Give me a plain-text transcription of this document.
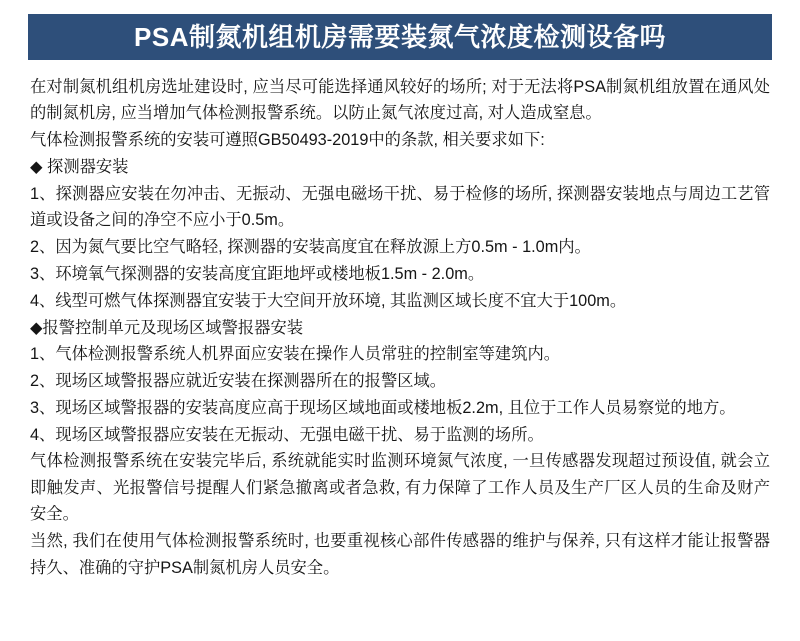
PSA制氮机组机房需要装氮气浓度检测设备吗

在对制氮机组机房选址建设时, 应当尽可能选择通风较好的场所; 对于无法将PSA制氮机组放置在通风处的制氮机房, 应当增加气体检测报警系统。以防止氮气浓度过高, 对人造成窒息。

气体检测报警系统的安装可遵照GB50493-2019中的条款, 相关要求如下:

◆ 探测器安装

1、探测器应安装在勿冲击、无振动、无强电磁场干扰、易于检修的场所, 探测器安装地点与周边工艺管道或设备之间的净空不应小于0.5m。

2、因为氮气要比空气略轻, 探测器的安装高度宜在释放源上方0.5m - 1.0m内。

3、环境氧气探测器的安装高度宜距地坪或楼地板1.5m - 2.0m。

4、线型可燃气体探测器宜安装于大空间开放环境, 其监测区域长度不宜大于100m。

◆报警控制单元及现场区域警报器安装

1、气体检测报警系统人机界面应安装在操作人员常驻的控制室等建筑内。

2、现场区域警报器应就近安装在探测器所在的报警区域。

3、现场区域警报器的安装高度应高于现场区域地面或楼地板2.2m, 且位于工作人员易察觉的地方。

4、现场区域警报器应安装在无振动、无强电磁干扰、易于监测的场所。

气体检测报警系统在安装完毕后, 系统就能实时监测环境氮气浓度, 一旦传感器发现超过预设值, 就会立即触发声、光报警信号提醒人们紧急撤离或者急救, 有力保障了工作人员及生产厂区人员的生命及财产安全。

当然, 我们在使用气体检测报警系统时, 也要重视核心部件传感器的维护与保养, 只有这样才能让报警器持久、准确的守护PSA制氮机房人员安全。
